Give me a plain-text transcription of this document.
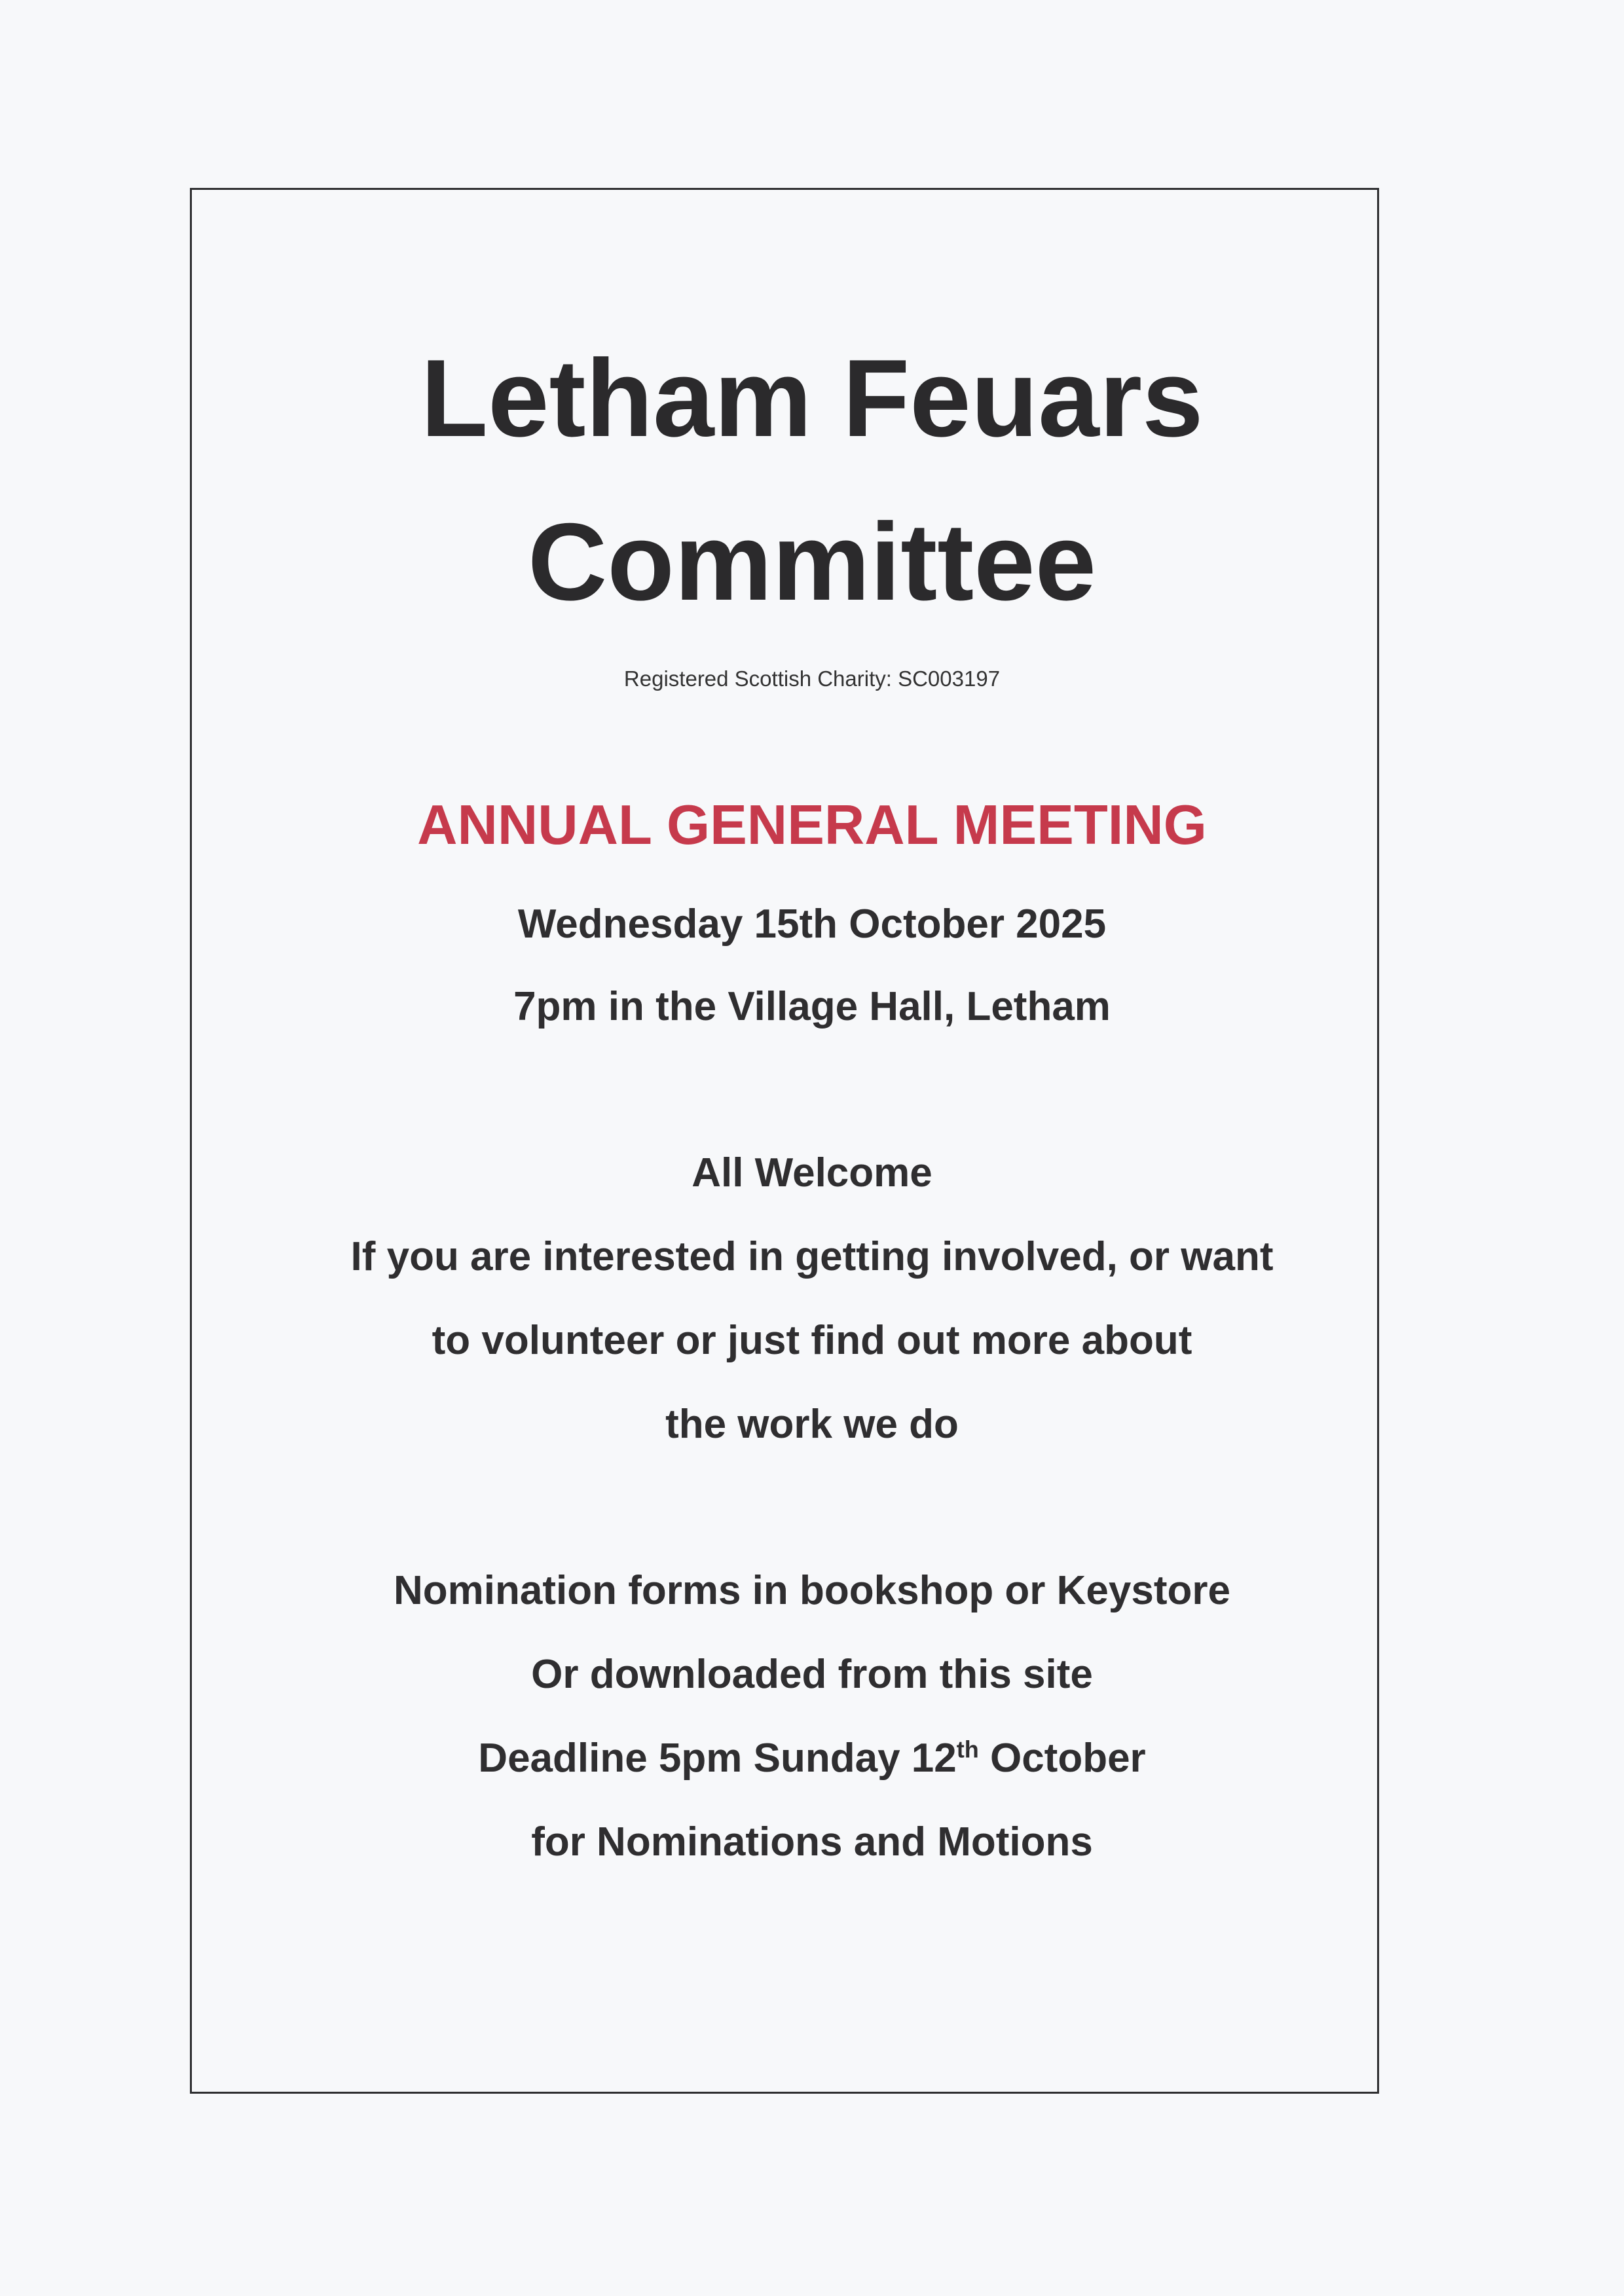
Letham Feuars
Committee
Registered Scottish Charity: SC003197
ANNUAL GENERAL MEETING
Wednesday 15th October 2025
7pm in the Village Hall, Letham
All Welcome
If you are interested in getting involved, or want
to volunteer or just find out more about
the work we do
Nomination forms in bookshop or Keystore
Or downloaded from this site
Deadline 5pm Sunday 12th October
for Nominations and Motions
